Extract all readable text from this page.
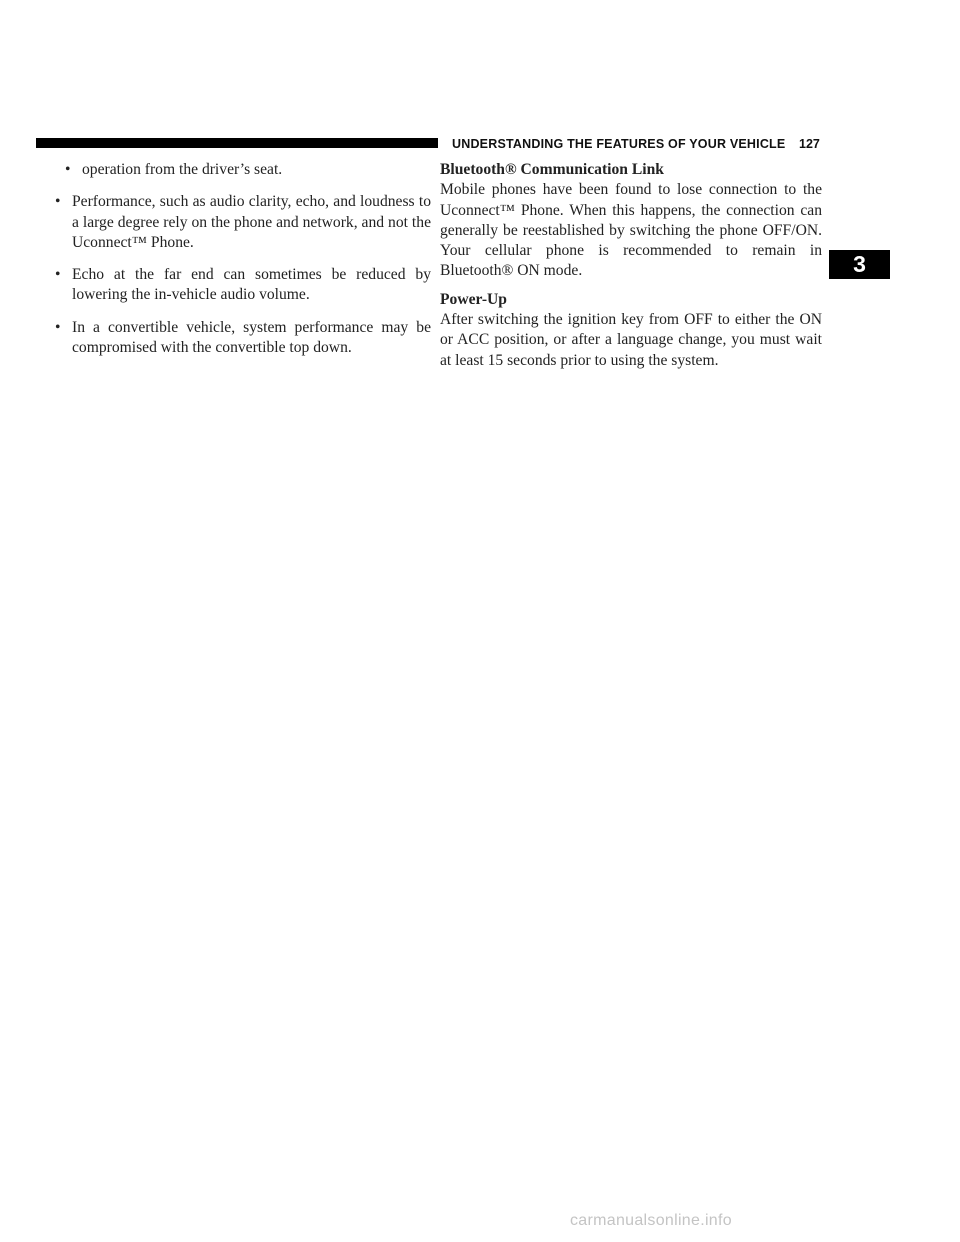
UNDERSTANDING THE FEATURES OF YOUR VEHICLE 127
3
•
operation from the driver’s seat.
•
Performance, such as audio clarity, echo, and loudness to a large degree rely on the phone and network, and not the Uconnect™ Phone.
•
Echo at the far end can sometimes be reduced by lowering the in-vehicle audio volume.
•
In a convertible vehicle, system performance may be compromised with the convertible top down.

Bluetooth® Communication Link

Mobile phones have been found to lose connection to the Uconnect™ Phone. When this happens, the connection can generally be reestablished by switching the phone OFF/ON. Your cellular phone is recommended to remain in Bluetooth® ON mode.

Power-Up

After switching the ignition key from OFF to either the ON or ACC position, or after a language change, you must wait at least 15 seconds prior to using the system.

carmanualsonline.info
